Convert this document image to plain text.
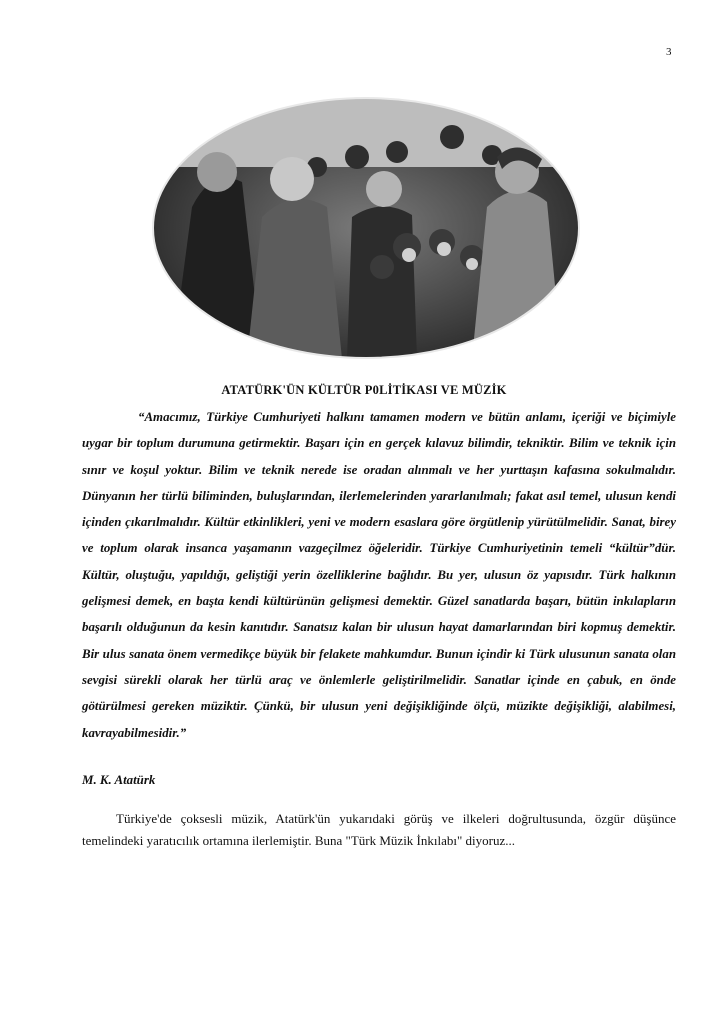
3
ATATÜRK'ÜN KÜLTÜR P0LİTİKASI VE MÜZİK

“Amacımız, Türkiye Cumhuriyeti halkını tamamen modern ve bütün anlamı, içeriği ve biçimiyle uygar bir toplum durumuna getirmektir. Başarı için en gerçek kılavuz bilimdir, tekniktir. Bilim ve teknik için sınır ve koşul yoktur. Bilim ve teknik nerede ise oradan alınmalı ve her yurttaşın kafasına sokulmalıdır. Dünyanın her türlü biliminden, buluşlarından, ilerlemelerinden yararlanılmalı; fakat asıl temel, ulusun kendi içinden çıkarılmalıdır. Kültür etkinlikleri, yeni ve modern esaslara göre örgütlenip yürütülmelidir. Sanat, birey ve toplum olarak insanca yaşamanın vazgeçilmez öğeleridir. Türkiye Cumhuriyetinin temeli “kültür”dür. Kültür, oluştuğu, yapıldığı, geliştiği yerin özelliklerine bağlıdır. Bu yer, ulusun öz yapısıdır. Türk halkının gelişmesi demek, en başta kendi kültürünün gelişmesi demektir. Güzel sanatlarda başarı, bütün inkılapların başarılı olduğunun da kesin kanıtıdır. Sanatsız kalan bir ulusun hayat damarlarından biri kopmuş demektir. Bir ulus sanata önem vermedikçe büyük bir felakete mahkumdur. Bunun içindir ki Türk ulusunun sanata olan sevgisi sürekli olarak her türlü araç ve önlemlerle geliştirilmelidir. Sanatlar içinde en çabuk, en önde götürülmesi gereken müziktir. Çünkü, bir ulusun yeni değişikliğinde ölçü, müzikte değişikliği, alabilmesi, kavrayabilmesidir.”

M. K. Atatürk

Türkiye'de çoksesli müzik, Atatürk'ün yukarıdaki görüş ve ilkeleri doğrultusunda, özgür düşünce temelindeki yaratıcılık ortamına ilerlemiştir. Buna "Türk Müzik İnkılabı" diyoruz...
